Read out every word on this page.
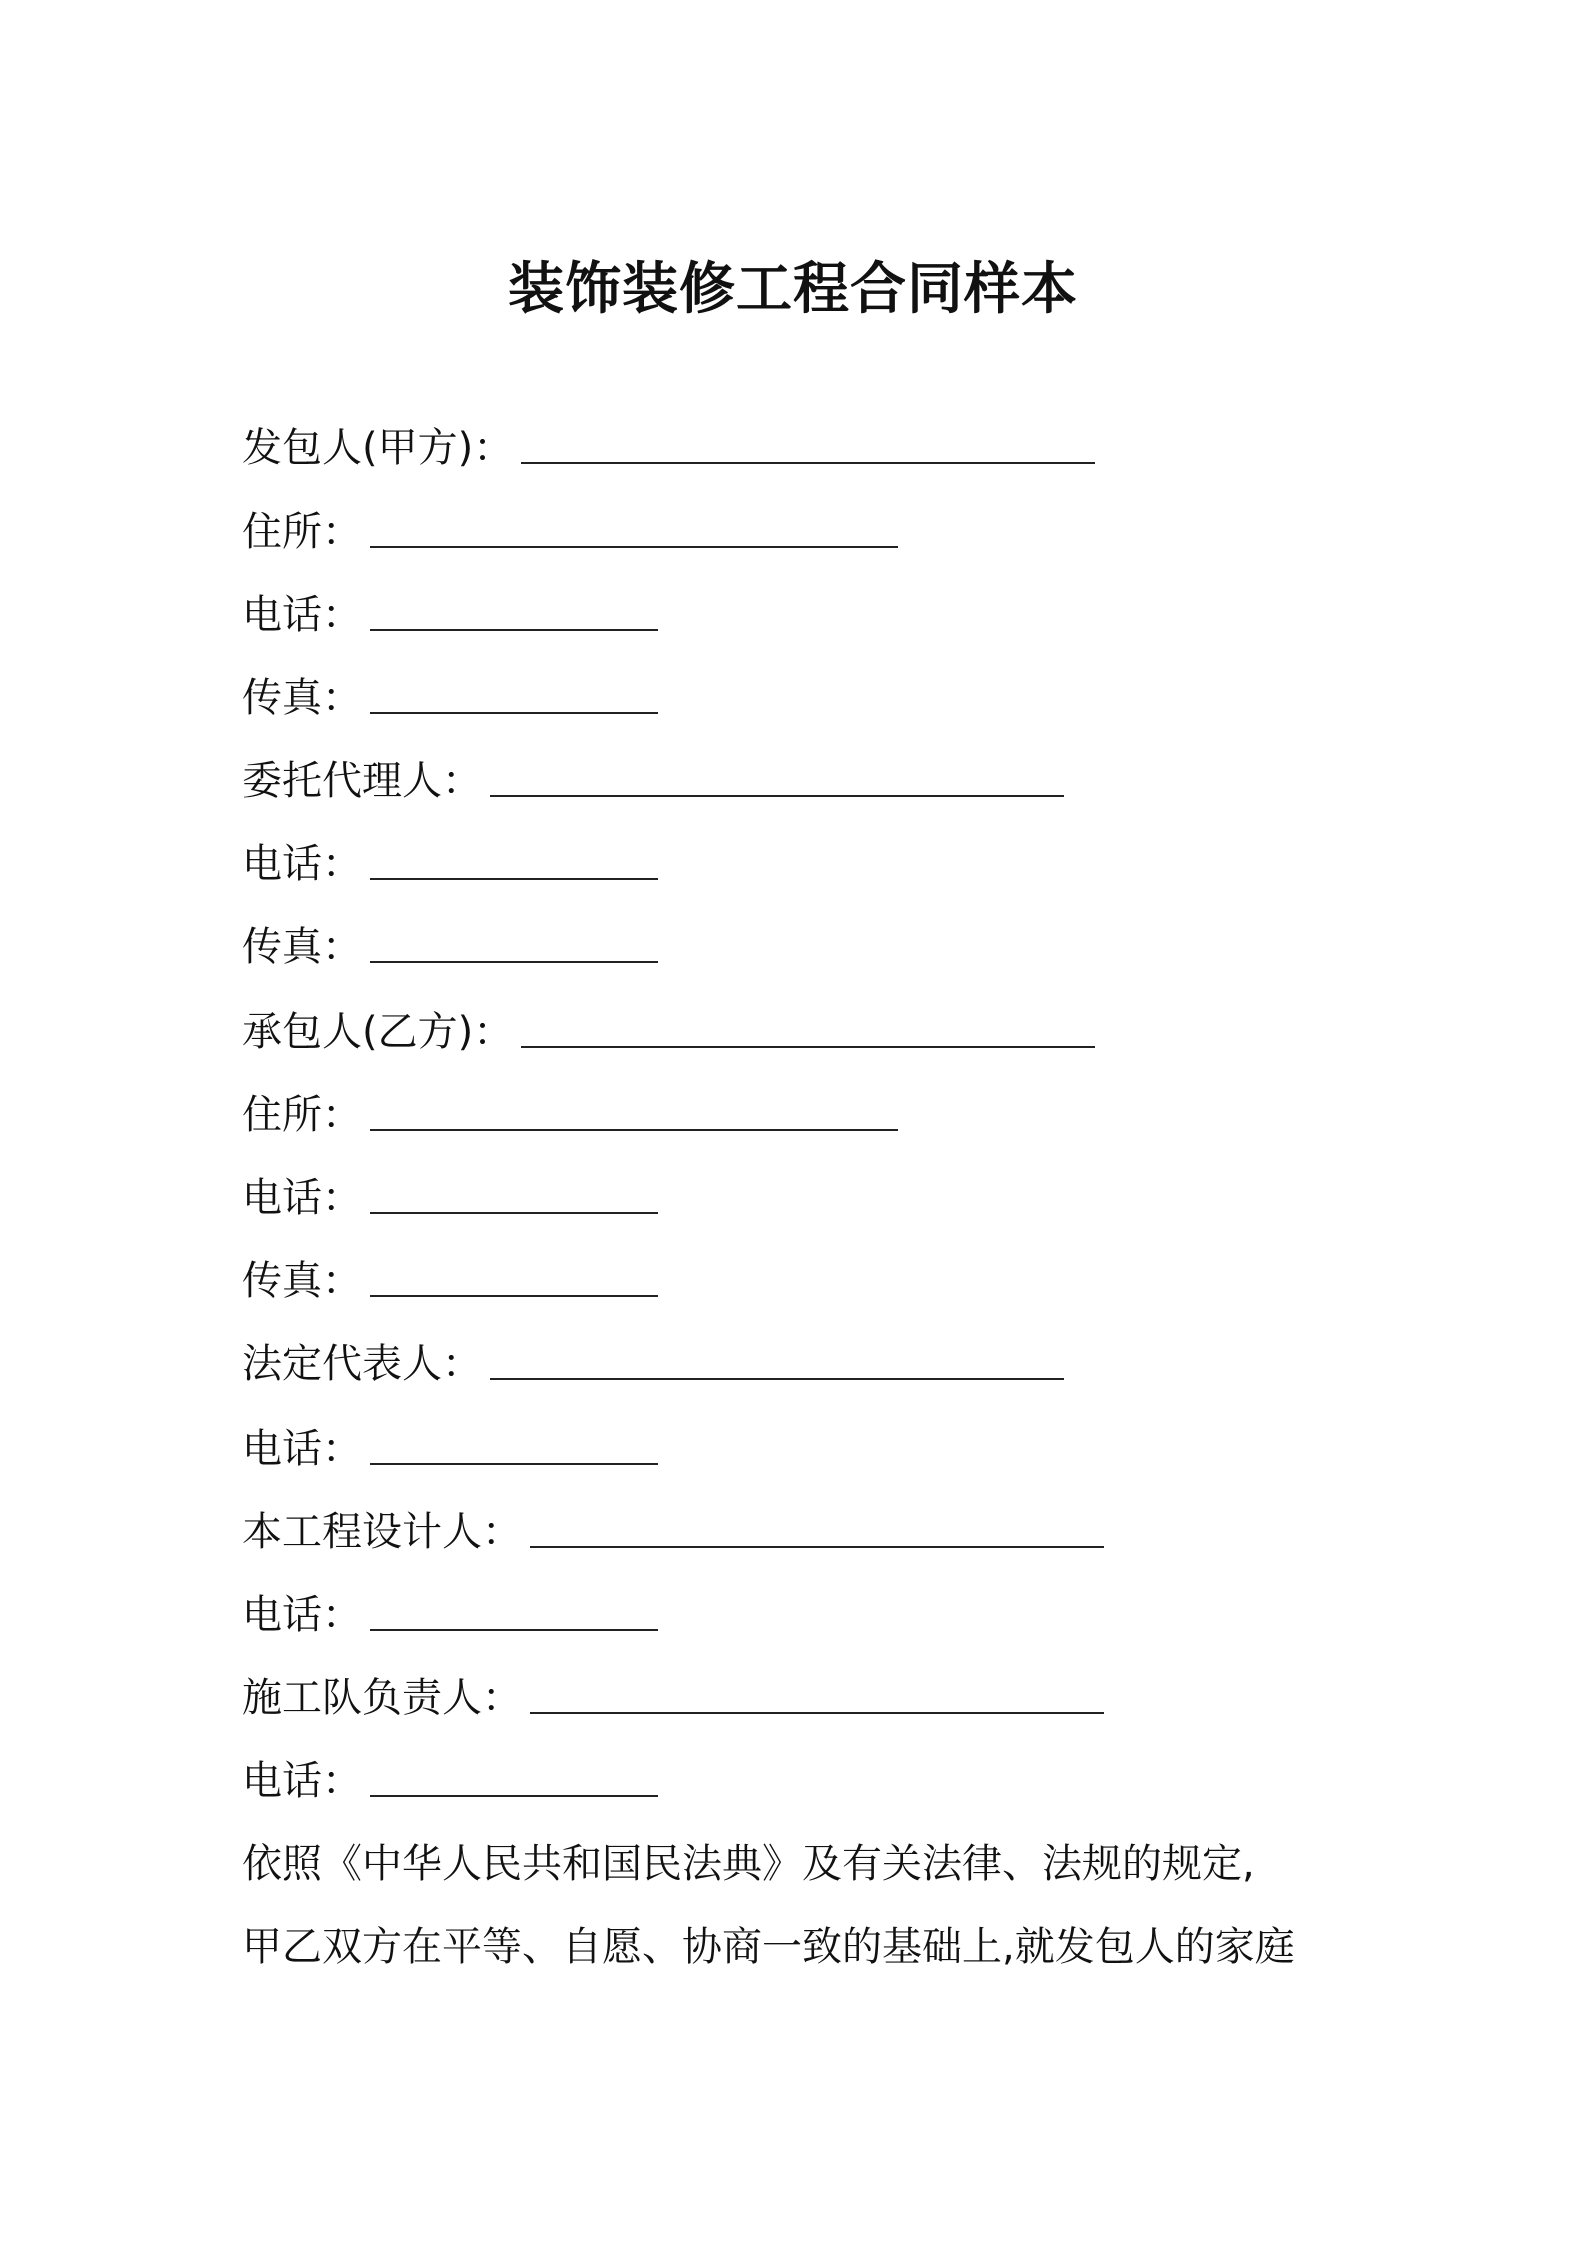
装饰装修工程合同样本
发包人(甲方) ：
住所 ：
电话 ：
传真 ：
委托代理人 ：
电话 ：
传真 ：
承包人(乙方) ：
住所 ：
电话 ：
传真 ：
法定代表人 ：
电话 ：
本工程设计人 ：
电话 ：
施工队负责人 ：
电话 ：

依照《中华人民共和国民法典》及有关法律、法规的规定,

甲乙双方在平等、自愿、协商一致的基础上,就发包人的家庭
